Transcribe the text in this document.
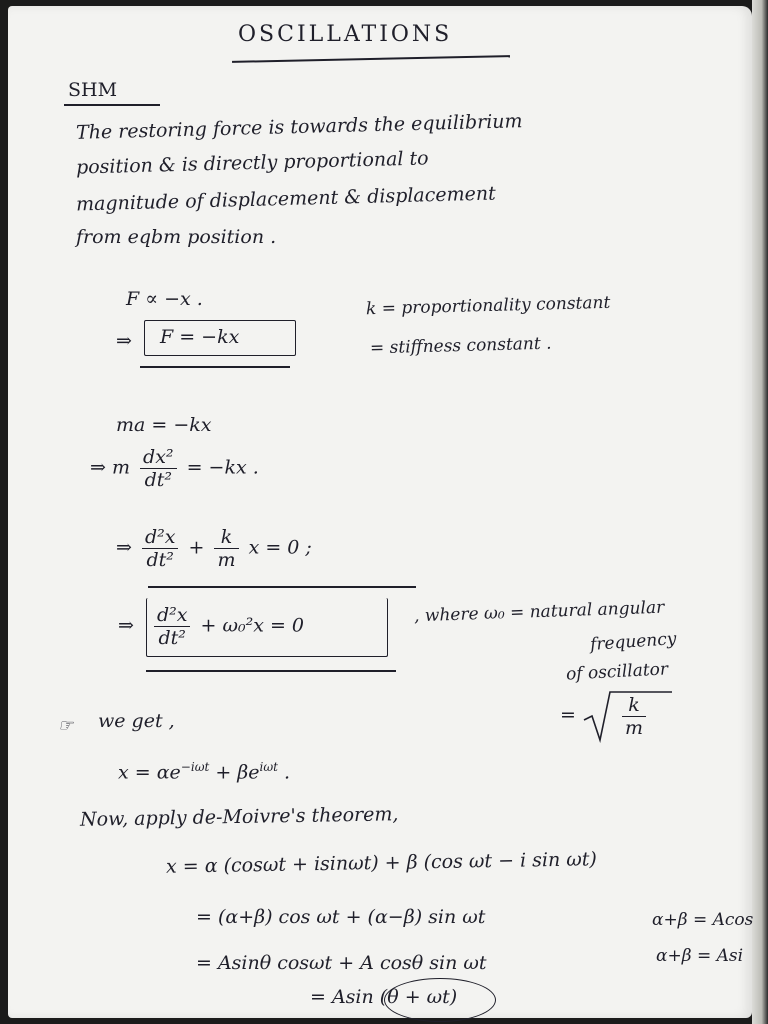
OSCILLATIONS
SHM
The restoring force is towards the equilibrium
position & is directly proportional to
magnitude of displacement & displacement
from eqbm position .
F ∝ −x .
⇒ F = −kx
k = proportionality constant
= stiffness constant .
ma = −kx
⇒ m $\frac{\text{dx²}}{\text{dt²}} = -kx$ .
⇒ $\frac{\text{d²x}}{\text{dt²}} + \frac{k}{m}$ x = 0 ;
⇒ $\frac{\text{d²x}}{\text{dt²}} + \omega_0^2x = 0$	, where ω₀ = natural angular
frequency
of oscillator
= $\frac{k}{m}$
☞ we get ,
$x = \alpha e^{-i\omega t} + \beta e^{i\omega t}$ .
Now, apply de-Moivre's theorem,
x = α (cosωt + isinωt) + β (cos ωt − i sin ωt)
= (α+β) cos ωt + (α−β) sin ωt	α+β = Acos
= Asinθ cosωt + A cosθ sin ωt	α+β = Asi
= Asin (θ + ωt)
